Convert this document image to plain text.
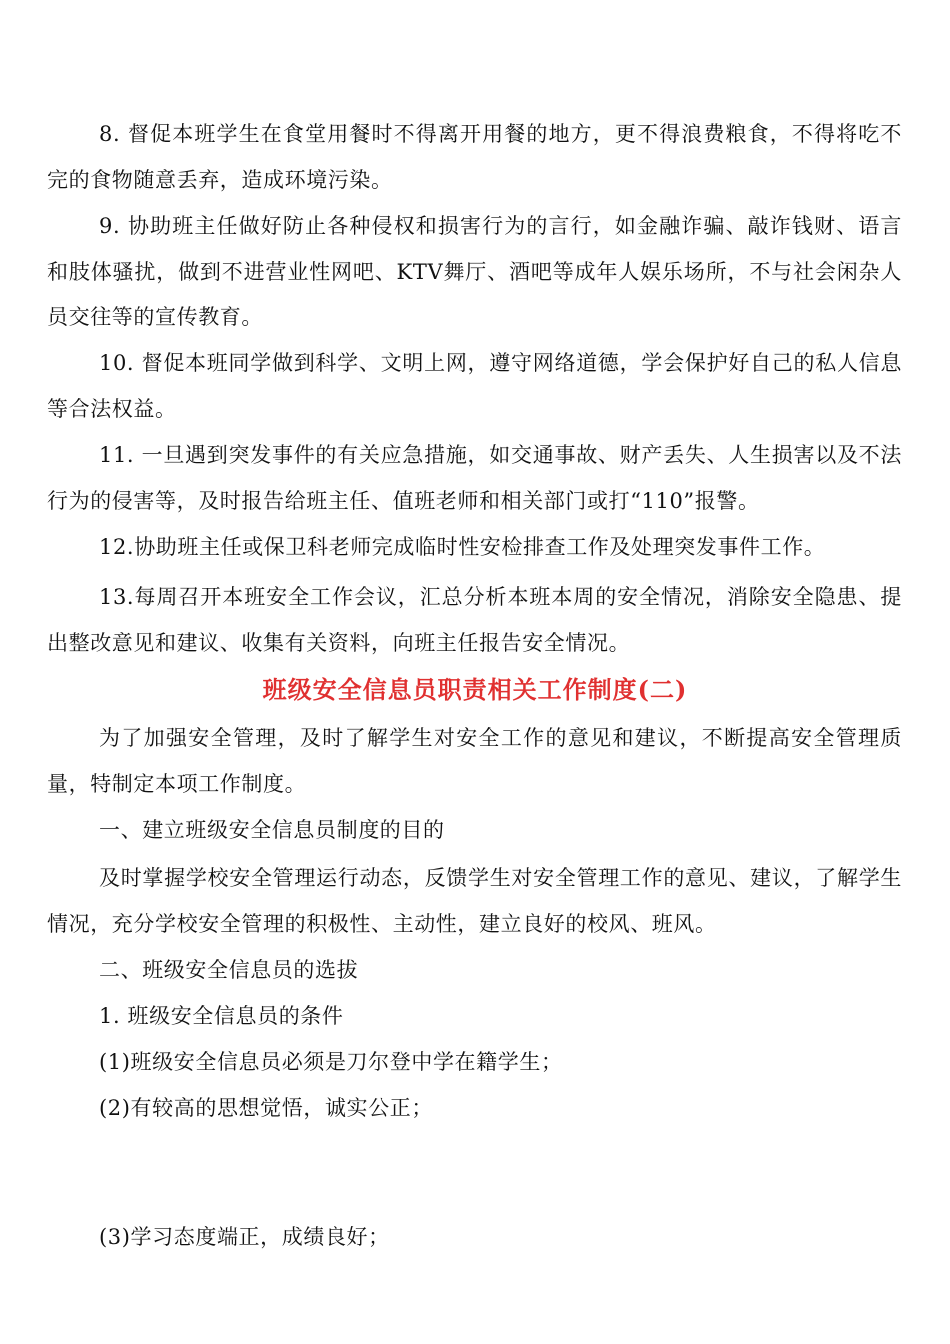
8. 督促本班学生在食堂用餐时不得离开用餐的地方，更不得浪费粮食，不得将吃不完的食物随意丢弃，造成环境污染。

9. 协助班主任做好防止各种侵权和损害行为的言行，如金融诈骗、敲诈钱财、语言和肢体骚扰，做到不进营业性网吧、KTV舞厅、酒吧等成年人娱乐场所，不与社会闲杂人员交往等的宣传教育。

10. 督促本班同学做到科学、文明上网，遵守网络道德，学会保护好自己的私人信息等合法权益。

11. 一旦遇到突发事件的有关应急措施，如交通事故、财产丢失、人生损害以及不法行为的侵害等，及时报告给班主任、值班老师和相关部门或打“110”报警。

12.协助班主任或保卫科老师完成临时性安检排查工作及处理突发事件工作。

13.每周召开本班安全工作会议，汇总分析本班本周的安全情况，消除安全隐患、提出整改意见和建议、收集有关资料，向班主任报告安全情况。

班级安全信息员职责相关工作制度(二)

为了加强安全管理，及时了解学生对安全工作的意见和建议，不断提高安全管理质量，特制定本项工作制度。

一、建立班级安全信息员制度的目的

及时掌握学校安全管理运行动态，反馈学生对安全管理工作的意见、建议，了解学生情况，充分学校安全管理的积极性、主动性，建立良好的校风、班风。

二、班级安全信息员的选拔

1. 班级安全信息员的条件

(1)班级安全信息员必须是刀尔登中学在籍学生；

(2)有较高的思想觉悟，诚实公正；

(3)学习态度端正，成绩良好；
